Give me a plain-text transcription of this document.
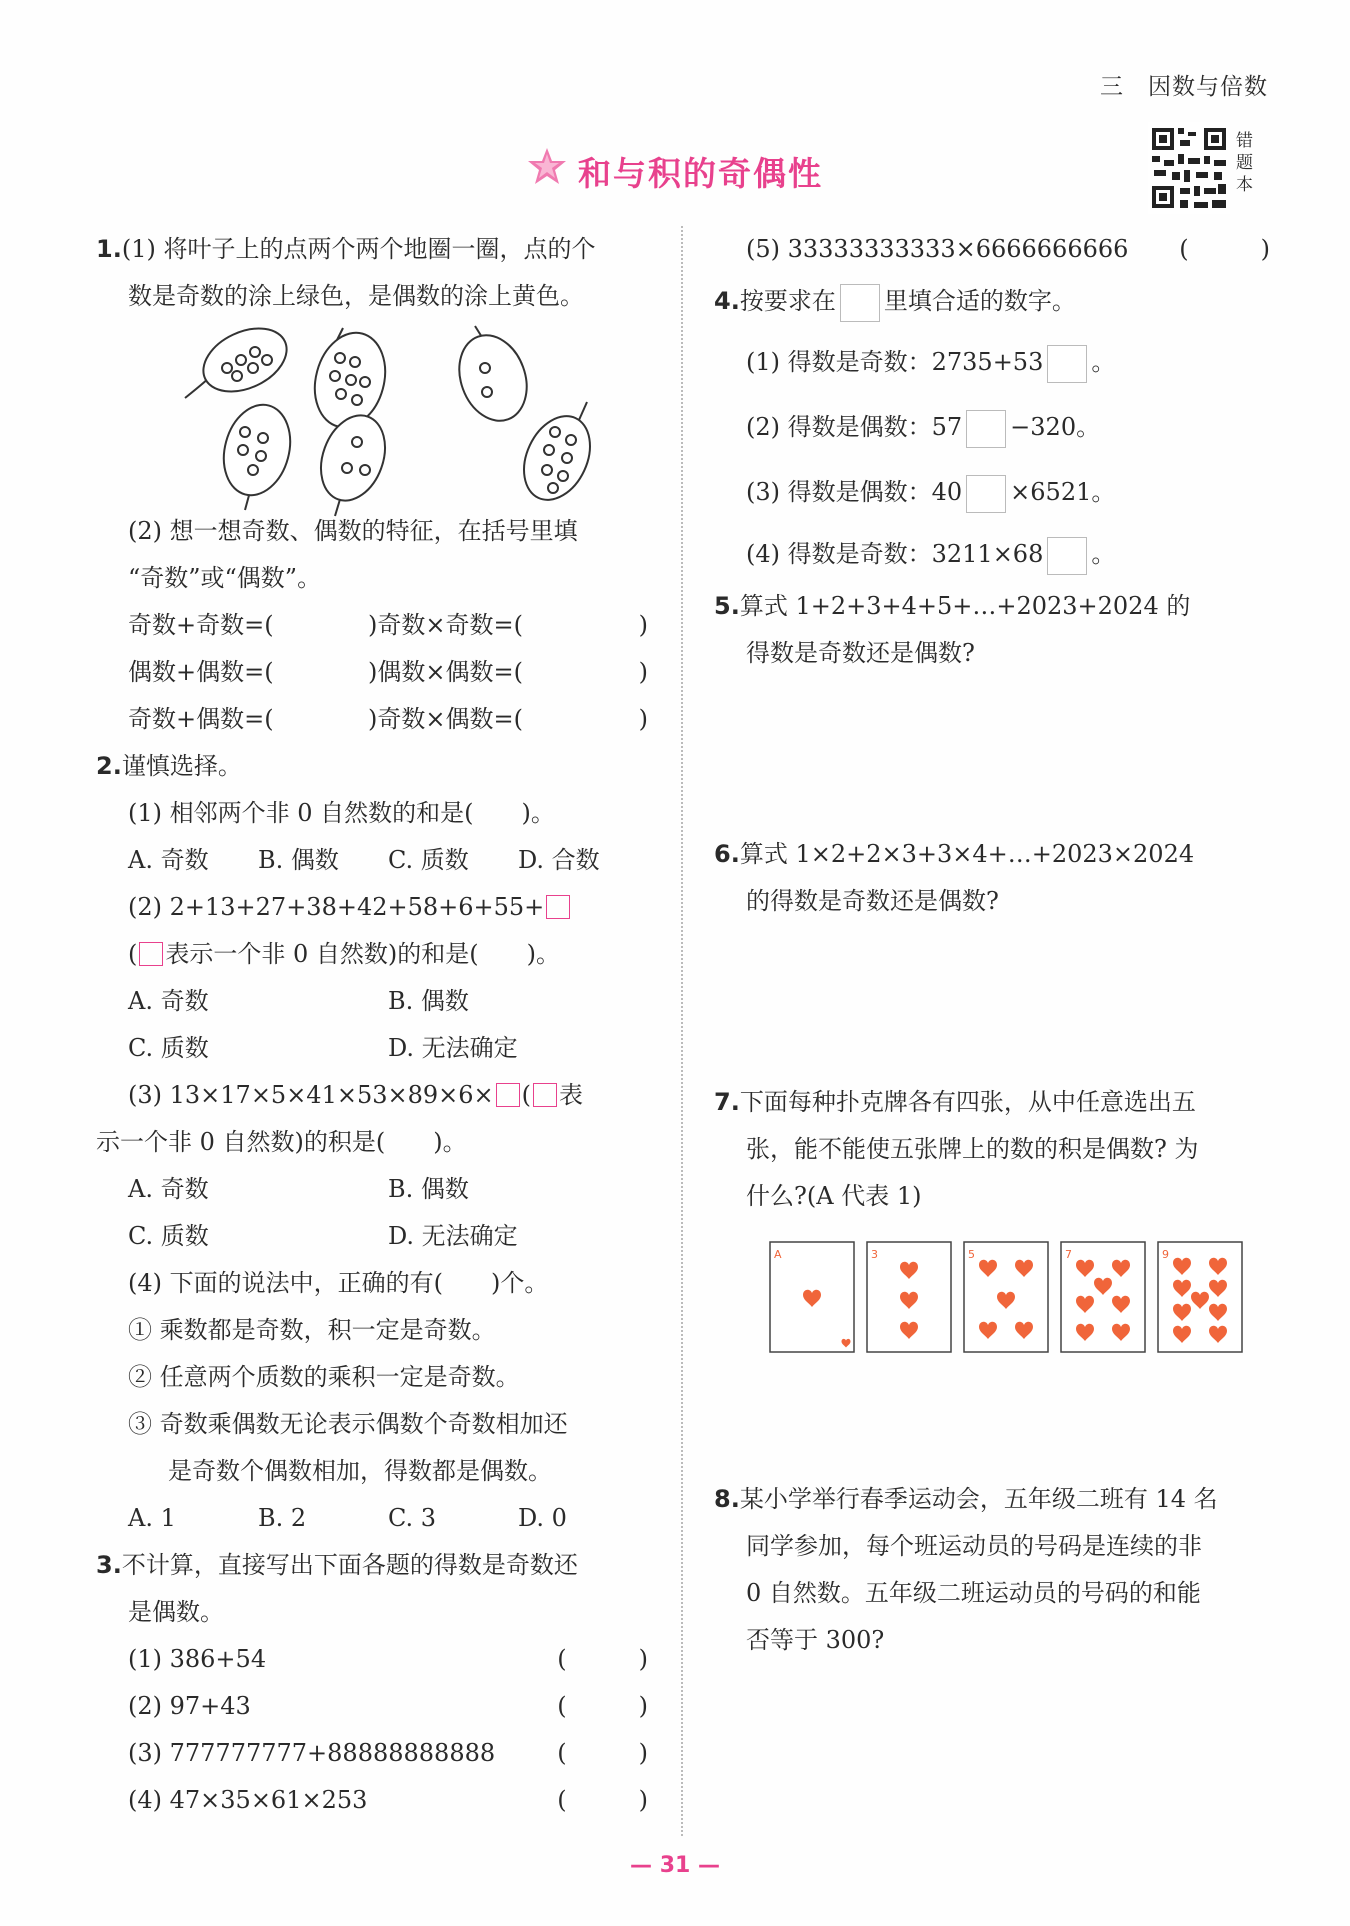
三　因数与倍数
错题本
和与积的奇偶性
1.(1) 将叶子上的点两个两个地圈一圈，点的个
数是奇数的涂上绿色，是偶数的涂上黄色。
(2) 想一想奇数、偶数的特征，在括号里填
“奇数”或“偶数”。
奇数+奇数=(	)奇数×奇数=(	)
偶数+偶数=(	)偶数×偶数=(	)
奇数+偶数=(	)奇数×偶数=(	)
2.谨慎选择。
(1) 相邻两个非 0 自然数的和是(　　)。
A. 奇数 B. 偶数 C. 质数 D. 合数
(2) 2+13+27+38+42+58+6+55+
( 表示一个非 0 自然数)的和是(　　)。
A. 奇数	B. 偶数
C. 质数	D. 无法确定
(3) 13×17×5×41×53×89×6× ( 表
示一个非 0 自然数)的积是(　　)。
A. 奇数	B. 偶数
C. 质数	D. 无法确定
(4) 下面的说法中，正确的有(　　)个。
① 乘数都是奇数，积一定是奇数。
② 任意两个质数的乘积一定是奇数。
③ 奇数乘偶数无论表示偶数个奇数相加还
是奇数个偶数相加，得数都是偶数。
A. 1	B. 2	C. 3	D. 0
3.不计算，直接写出下面各题的得数是奇数还
是偶数。
(1) 386+54	(　　　)
(2) 97+43	(　　　)
(3) 777777777+88888888888	(　　　)
(4) 47×35×61×253	(　　　)
(5) 33333333333×6666666666 (　　　)
4.按要求在 里填合适的数字。
(1) 得数是奇数：2735+53 。
(2) 得数是偶数：57 −320。
(3) 得数是偶数：40 ×6521。
(4) 得数是奇数：3211×68 。
5.算式 1+2+3+4+5+…+2023+2024 的
得数是奇数还是偶数?
6.算式 1×2+2×3+3×4+…+2023×2024
的得数是奇数还是偶数?
7.下面每种扑克牌各有四张，从中任意选出五
张，能不能使五张牌上的数的积是偶数? 为
什么?(A 代表 1)
8.某小学举行春季运动会，五年级二班有 14 名
同学参加，每个班运动员的号码是连续的非
0 自然数。五年级二班运动员的号码的和能
否等于 300?
A	3	5	7	9
— 31 —
